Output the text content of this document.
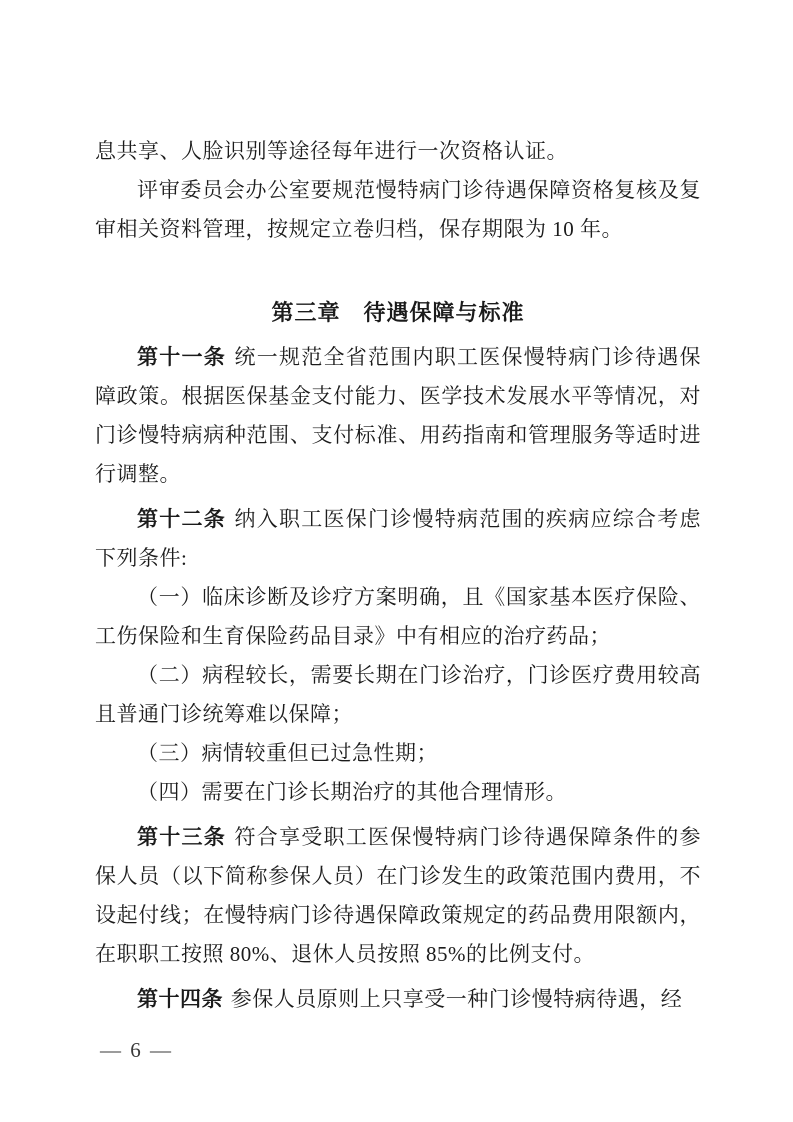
息共享、人脸识别等途径每年进行一次资格认证。

评审委员会办公室要规范慢特病门诊待遇保障资格复核及复审相关资料管理，按规定立卷归档，保存期限为 10 年。

第三章　待遇保障与标准

第十一条 统一规范全省范围内职工医保慢特病门诊待遇保障政策。根据医保基金支付能力、医学技术发展水平等情况，对门诊慢特病病种范围、支付标准、用药指南和管理服务等适时进行调整。

第十二条 纳入职工医保门诊慢特病范围的疾病应综合考虑下列条件:

（一）临床诊断及诊疗方案明确，且《国家基本医疗保险、工伤保险和生育保险药品目录》中有相应的治疗药品；

（二）病程较长，需要长期在门诊治疗，门诊医疗费用较高且普通门诊统筹难以保障；

（三）病情较重但已过急性期；

（四）需要在门诊长期治疗的其他合理情形。

第十三条 符合享受职工医保慢特病门诊待遇保障条件的参保人员（以下简称参保人员）在门诊发生的政策范围内费用，不设起付线；在慢特病门诊待遇保障政策规定的药品费用限额内，在职职工按照 80%、退休人员按照 85%的比例支付。

第十四条 参保人员原则上只享受一种门诊慢特病待遇，经

— 6 —
